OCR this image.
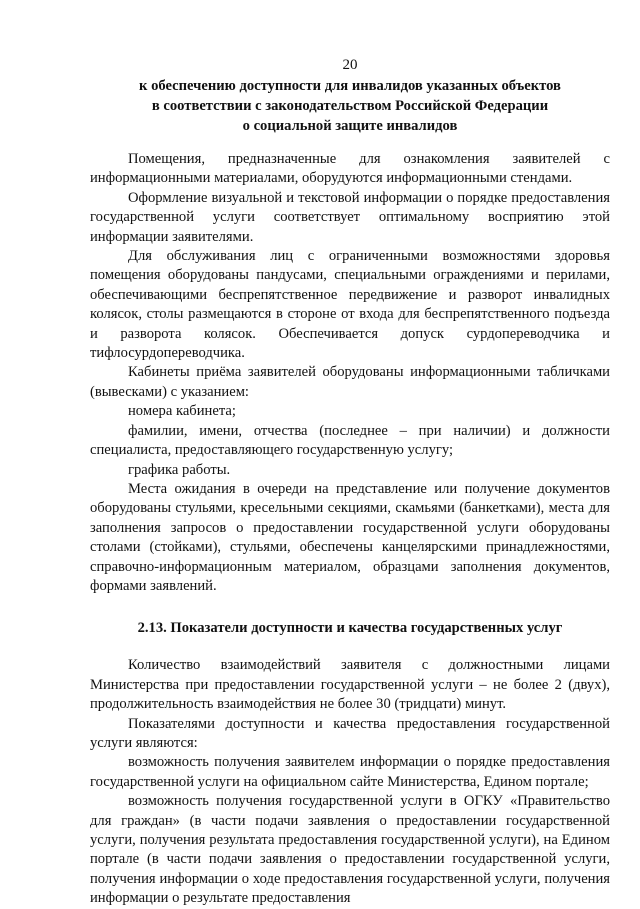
20

к обеспечению доступности для инвалидов указанных объектов

в соответствии с законодательством Российской Федерации

о социальной защите инвалидов

Помещения, предназначенные для ознакомления заявителей с информационными материалами, оборудуются информационными стендами.

Оформление визуальной и текстовой информации о порядке предоставления государственной услуги соответствует оптимальному восприятию этой информации заявителями.

Для обслуживания лиц с ограниченными возможностями здоровья помещения оборудованы пандусами, специальными ограждениями и перилами, обеспечивающими беспрепятственное передвижение и разворот инвалидных колясок, столы размещаются в стороне от входа для беспрепятственного подъезда и разворота колясок. Обеспечивается допуск сурдопереводчика и тифлосурдопереводчика.

Кабинеты приёма заявителей оборудованы информационными табличками (вывесками) с указанием:

номера кабинета;

фамилии, имени, отчества (последнее – при наличии) и должности специалиста, предоставляющего государственную услугу;

графика работы.

Места ожидания в очереди на представление или получение документов оборудованы стульями, кресельными секциями, скамьями (банкетками), места для заполнения запросов о предоставлении государственной услуги оборудованы столами (стойками), стульями, обеспечены канцелярскими принадлежностями, справочно-информационным материалом, образцами заполнения документов, формами заявлений.

2.13. Показатели доступности и качества государственных услуг

Количество взаимодействий заявителя с должностными лицами Министерства при предоставлении государственной услуги – не более 2 (двух), продолжительность взаимодействия не более 30 (тридцати) минут.

Показателями доступности и качества предоставления государственной услуги являются:

возможность получения заявителем информации о порядке предоставления государственной услуги на официальном сайте Министерства, Едином портале;

возможность получения государственной услуги в ОГКУ «Правительство для граждан» (в части подачи заявления о предоставлении государственной услуги, получения результата предоставления государственной услуги), на Едином портале (в части подачи заявления о предоставлении государственной услуги, получения информации о ходе предоставления государственной услуги, получения информации о результате предоставления
